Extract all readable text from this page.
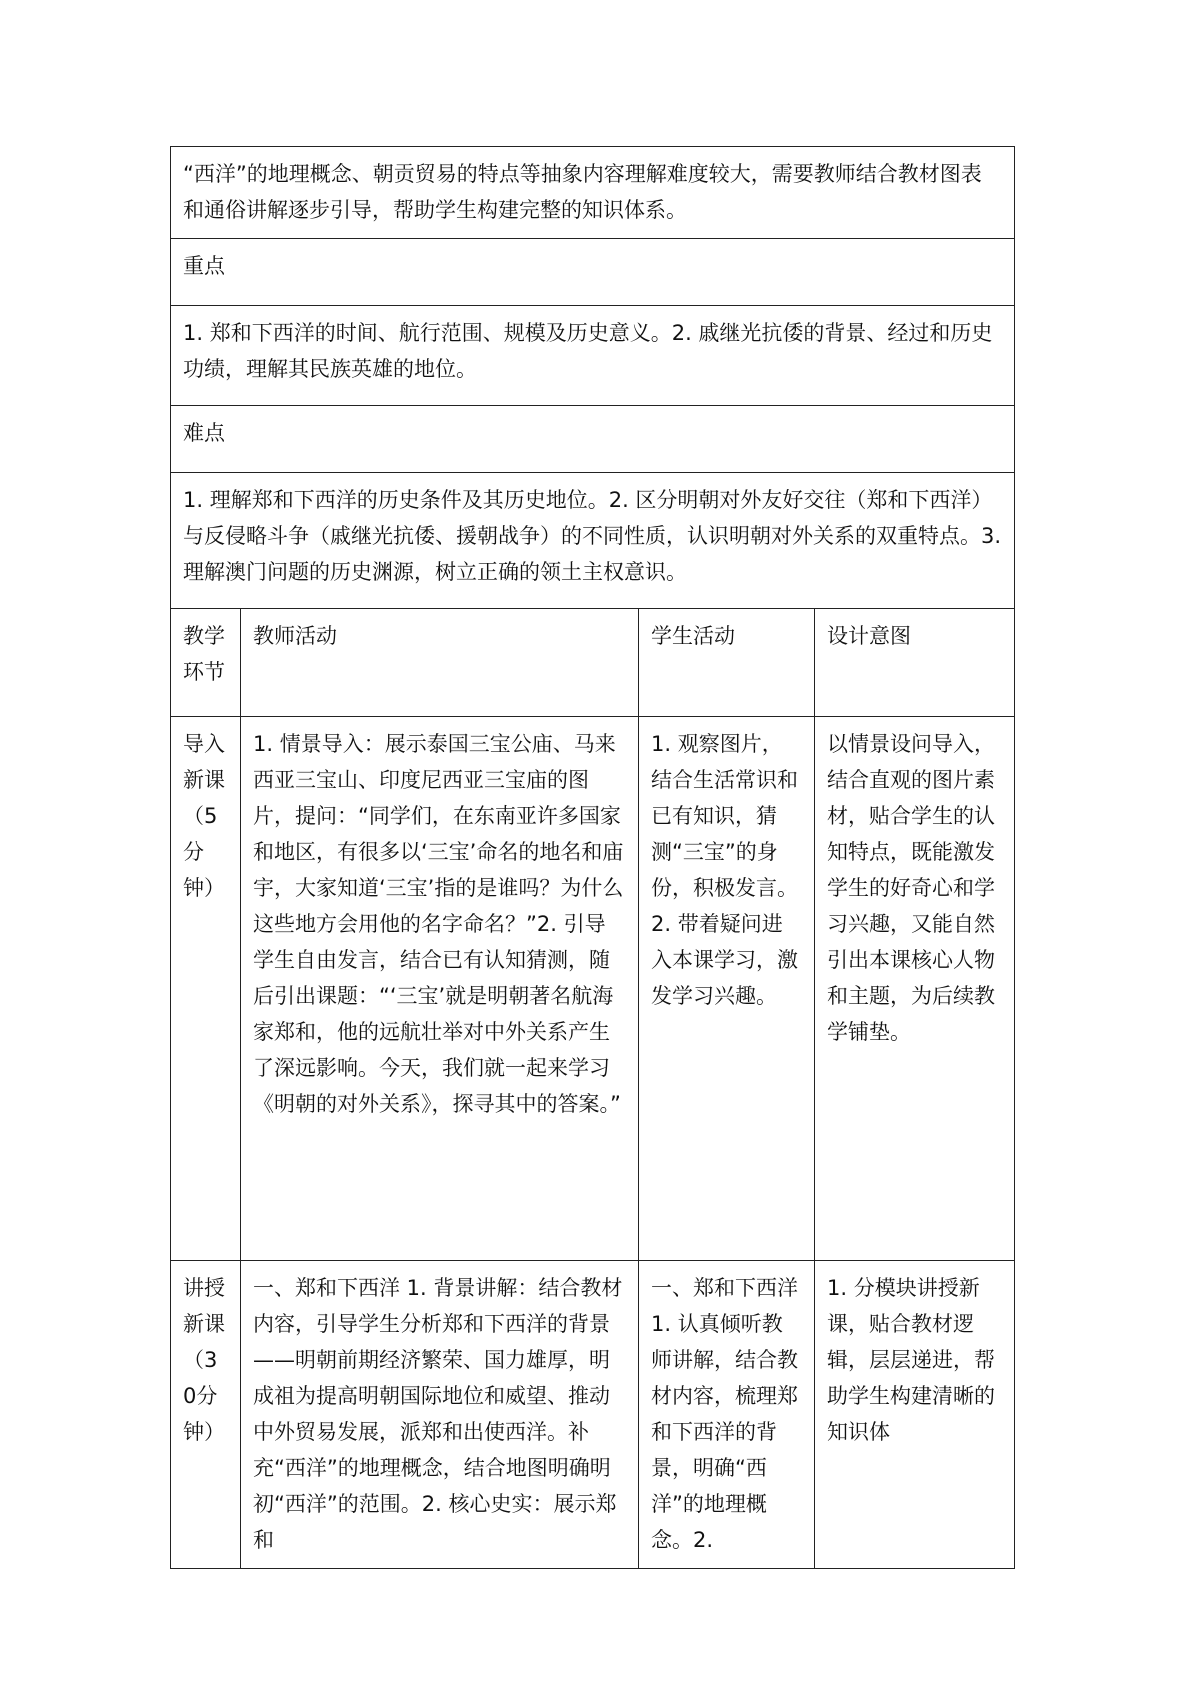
“西洋”的地理概念、朝贡贸易的特点等抽象内容理解难度较大，需要教师结合教材图表和通俗讲解逐步引导，帮助学生构建完整的知识体系。			
重点			
1. 郑和下西洋的时间、航行范围、规模及历史意义。2. 戚继光抗倭的背景、经过和历史功绩，理解其民族英雄的地位。			
难点			
1. 理解郑和下西洋的历史条件及其历史地位。2. 区分明朝对外友好交往（郑和下西洋）与反侵略斗争（戚继光抗倭、援朝战争）的不同性质，认识明朝对外关系的双重特点。3. 理解澳门问题的历史渊源，树立正确的领土主权意识。			
教学环节	教师活动	学生活动	设计意图
导入新课（5分钟）	1. 情景导入：展示泰国三宝公庙、马来西亚三宝山、印度尼西亚三宝庙的图片，提问：“同学们，在东南亚许多国家和地区，有很多以‘三宝’命名的地名和庙宇，大家知道‘三宝’指的是谁吗？为什么这些地方会用他的名字命名？”2. 引导学生自由发言，结合已有认知猜测，随后引出课题：“‘三宝’就是明朝著名航海家郑和，他的远航壮举对中外关系产生了深远影响。今天，我们就一起来学习《明朝的对外关系》，探寻其中的答案。”	1. 观察图片，结合生活常识和已有知识，猜测“三宝”的身份，积极发言。2. 带着疑问进入本课学习，激发学习兴趣。	以情景设问导入，结合直观的图片素材，贴合学生的认知特点，既能激发学生的好奇心和学习兴趣，又能自然引出本课核心人物和主题，为后续教学铺垫。
讲授新课（30分钟）	一、郑和下西洋 1. 背景讲解：结合教材内容，引导学生分析郑和下西洋的背景——明朝前期经济繁荣、国力雄厚，明成祖为提高明朝国际地位和威望、推动中外贸易发展，派郑和出使西洋。补充“西洋”的地理概念，结合地图明确明初“西洋”的范围。2. 核心史实：展示郑和	一、郑和下西洋 1. 认真倾听教师讲解，结合教材内容，梳理郑和下西洋的背景，明确“西洋”的地理概念。2.	1. 分模块讲授新课，贴合教材逻辑，层层递进，帮助学生构建清晰的知识体
